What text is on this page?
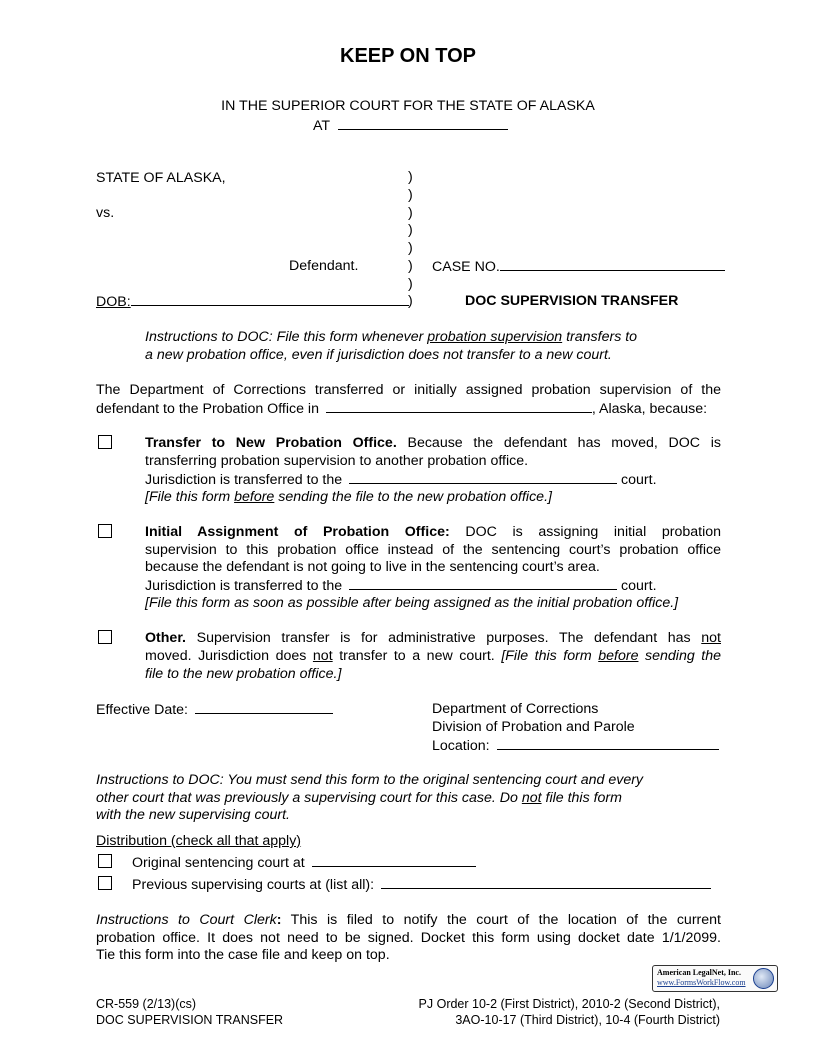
KEEP ON TOP
IN THE SUPERIOR COURT FOR THE STATE OF ALASKA
AT
STATE OF ALASKA,
vs.
Defendant.
)
)
)
)
)
)
)
)
CASE NO.
DOB:	DOC SUPERVISION TRANSFER
Instructions to DOC: File this form whenever probation supervision transfers to
a new probation office, even if jurisdiction does not transfer to a new court.
The Department of Corrections transferred or initially assigned probation supervision of the
defendant to the Probation Office in	, Alaska, because:
Transfer to New Probation Office. Because the defendant has moved, DOC is
transferring probation supervision to another probation office.
Jurisdiction is transferred to the	court.
[File this form before sending the file to the new probation office.]
Initial Assignment of Probation Office: DOC is assigning initial probation
supervision to this probation office instead of the sentencing court’s probation office
because the defendant is not going to live in the sentencing court’s area.
Jurisdiction is transferred to the	court.
[File this form as soon as possible after being assigned as the initial probation office.]
Other. Supervision transfer is for administrative purposes. The defendant has not
moved. Jurisdiction does not transfer to a new court. [File this form before sending the
file to the new probation office.]
Effective Date:	Department of Corrections
Division of Probation and Parole
Location:
Instructions to DOC: You must send this form to the original sentencing court and every
other court that was previously a supervising court for this case. Do not file this form
with the new supervising court.
Distribution (check all that apply)
Original sentencing court at
Previous supervising courts at (list all):
Instructions to Court Clerk: This is filed to notify the court of the location of the current
probation office. It does not need to be signed. Docket this form using docket date 1/1/2099.
Tie this form into the case file and keep on top.
American LegalNet, Inc.
www.FormsWorkFlow.com
CR-559 (2/13)(cs)
DOC SUPERVISION TRANSFER
PJ Order 10-2 (First District), 2010-2 (Second District),
3AO-10-17 (Third District), 10-4 (Fourth District)
